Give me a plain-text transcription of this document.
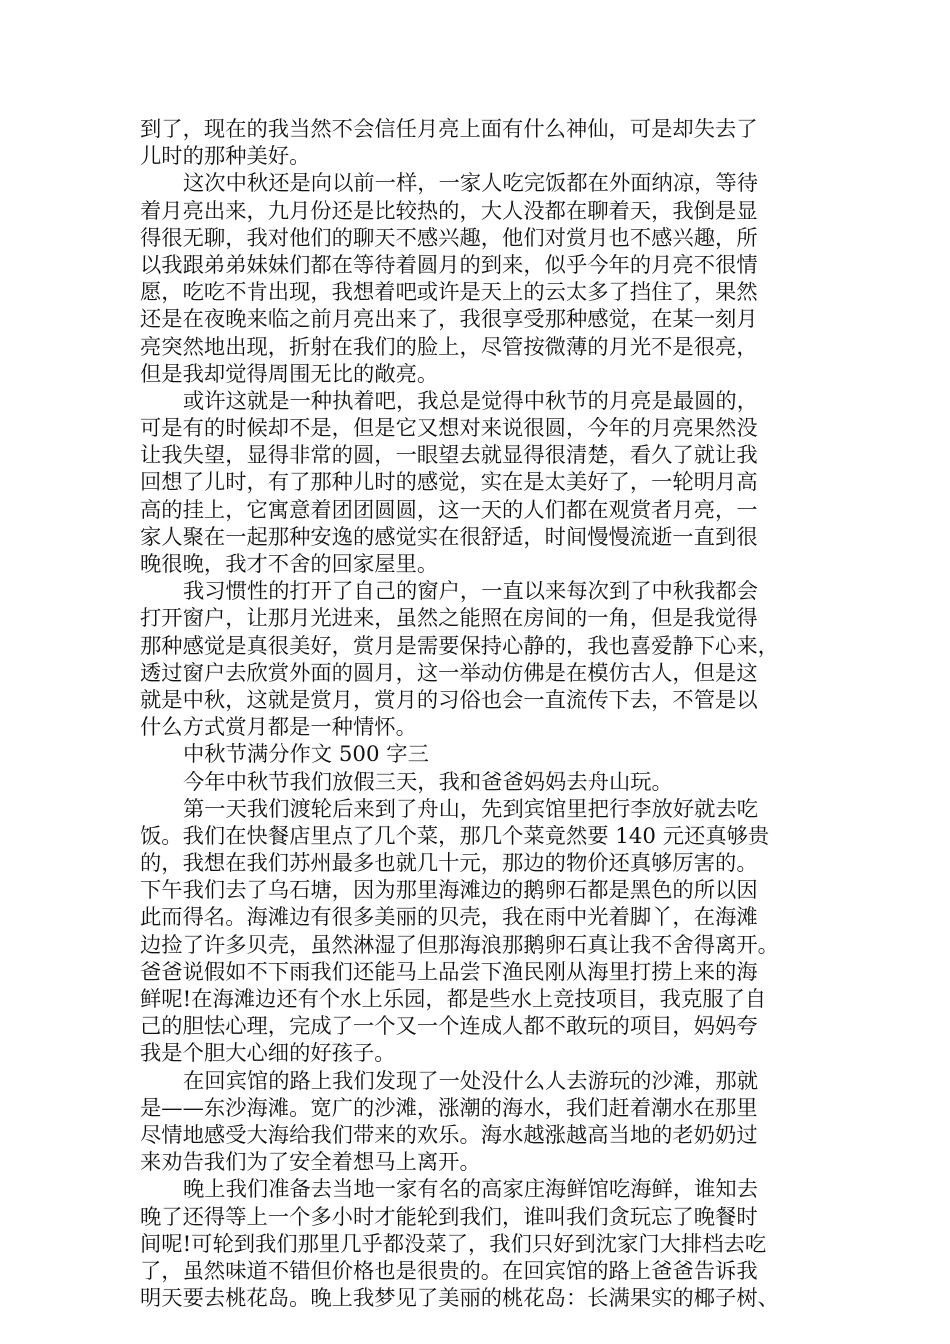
到了，现在的我当然不会信任月亮上面有什么神仙，可是却失去了
儿时的那种美好。
这次中秋还是向以前一样，一家人吃完饭都在外面纳凉，等待
着月亮出来，九月份还是比较热的，大人没都在聊着天，我倒是显
得很无聊，我对他们的聊天不感兴趣，他们对赏月也不感兴趣，所
以我跟弟弟妹妹们都在等待着圆月的到来，似乎今年的月亮不很情
愿，吃吃不肯出现，我想着吧或许是天上的云太多了挡住了，果然
还是在夜晚来临之前月亮出来了，我很享受那种感觉，在某一刻月
亮突然地出现，折射在我们的脸上，尽管按微薄的月光不是很亮，
但是我却觉得周围无比的敞亮。
或许这就是一种执着吧，我总是觉得中秋节的月亮是最圆的，
可是有的时候却不是，但是它又想对来说很圆，今年的月亮果然没
让我失望，显得非常的圆，一眼望去就显得很清楚，看久了就让我
回想了儿时，有了那种儿时的感觉，实在是太美好了，一轮明月高
高的挂上，它寓意着团团圆圆，这一天的人们都在观赏者月亮，一
家人聚在一起那种安逸的感觉实在很舒适，时间慢慢流逝一直到很
晚很晚，我才不舍的回家屋里。
我习惯性的打开了自己的窗户，一直以来每次到了中秋我都会
打开窗户，让那月光进来，虽然之能照在房间的一角，但是我觉得
那种感觉是真很美好，赏月是需要保持心静的，我也喜爱静下心来，
透过窗户去欣赏外面的圆月，这一举动仿佛是在模仿古人，但是这
就是中秋，这就是赏月，赏月的习俗也会一直流传下去，不管是以
什么方式赏月都是一种情怀。
中秋节满分作文 500 字三
今年中秋节我们放假三天，我和爸爸妈妈去舟山玩。
第一天我们渡轮后来到了舟山，先到宾馆里把行李放好就去吃
饭。我们在快餐店里点了几个菜，那几个菜竟然要 140 元还真够贵
的，我想在我们苏州最多也就几十元，那边的物价还真够厉害的。
下午我们去了乌石塘，因为那里海滩边的鹅卵石都是黑色的所以因
此而得名。海滩边有很多美丽的贝壳，我在雨中光着脚丫，在海滩
边捡了许多贝壳，虽然淋湿了但那海浪那鹅卵石真让我不舍得离开。
爸爸说假如不下雨我们还能马上品尝下渔民刚从海里打捞上来的海
鲜呢!在海滩边还有个水上乐园，都是些水上竞技项目，我克服了自
己的胆怯心理，完成了一个又一个连成人都不敢玩的项目，妈妈夸
我是个胆大心细的好孩子。
在回宾馆的路上我们发现了一处没什么人去游玩的沙滩，那就
是——东沙海滩。宽广的沙滩，涨潮的海水，我们赶着潮水在那里
尽情地感受大海给我们带来的欢乐。海水越涨越高当地的老奶奶过
来劝告我们为了安全着想马上离开。
晚上我们准备去当地一家有名的高家庄海鲜馆吃海鲜，谁知去
晚了还得等上一个多小时才能轮到我们，谁叫我们贪玩忘了晚餐时
间呢!可轮到我们那里几乎都没菜了，我们只好到沈家门大排档去吃
了，虽然味道不错但价格也是很贵的。在回宾馆的路上爸爸告诉我
明天要去桃花岛。晚上我梦见了美丽的桃花岛：长满果实的椰子树、
